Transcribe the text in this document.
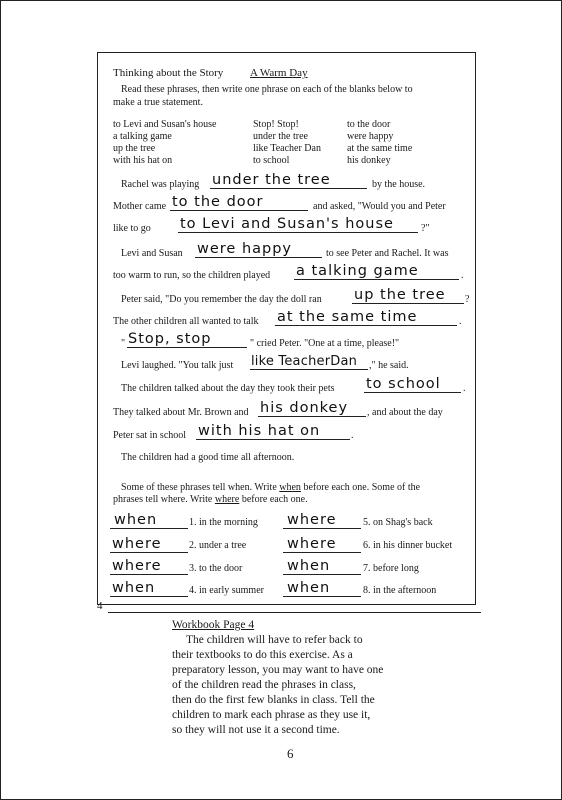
Thinking about the Story A Warm Day
Read these phrases, then write one phrase on each of the blanks below to
make a true statement.
to Levi and Susan's house	Stop! Stop!	to the door
a talking game	under the tree	were happy
up the tree	like Teacher Dan	at the same time
with his hat on	to school	his donkey
Rachel was playing under the tree	by the house.
Mother came to the door	and asked, "Would you and Peter
like to go to Levi and Susan's house	?"
Levi and Susan were happy	to see Peter and Rachel. It was
too warm to run, so the children played a talking game	.
Peter said, "Do you remember the day the doll ran up the tree ?
The other children all wanted to talk at the same time	.
" Stop, stop	" cried Peter. "One at a time, please!"
Levi laughed. "You talk just like TeacherDan ," he said.
The children talked about the day they took their pets to school .
They talked about Mr. Brown and his donkey , and about the day
Peter sat in school with his hat on	.
The children had a good time all afternoon.
Some of these phrases tell when. Write when before each one. Some of the
phrases tell where. Write where before each one.
when	1. in the morning where	5. on Shag's back
where	2. under a tree	where	6. in his dinner bucket
where	3. to the door	when	7. before long
when	4. in early summer when	8. in the afternoon
4
Workbook Page 4
The children will have to refer back to
their textbooks to do this exercise. As a
preparatory lesson, you may want to have one
of the children read the phrases in class,
then do the first few blanks in class. Tell the
children to mark each phrase as they use it,
so they will not use it a second time.
6
